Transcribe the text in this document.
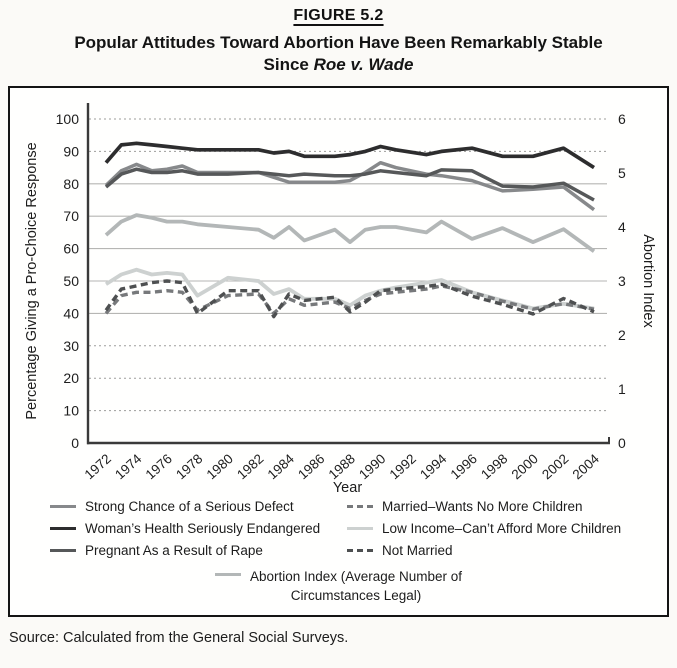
FIGURE 5.2
Popular Attitudes Toward Abortion Have Been Remarkably Stable
Since Roe v. Wade
0
10
20
30
40
50
60
70
80
90
100
0
1
2
3
4
5
6
1972
1974
1976
1978
1980
1982
1984
1986
1988
1990
1992
1994
1996
1998
2000
2002
2004
Percentage Giving a Pro-Choice Response	Abortion Index
Year
Strong Chance of a Serious Defect
Woman’s Health Seriously Endangered
Pregnant As a Result of Rape
Married–Wants No More Children
Low Income–Can’t Afford More Children
Not Married
Abortion Index (Average Number of
Circumstances Legal)
Source: Calculated from the General Social Surveys.
